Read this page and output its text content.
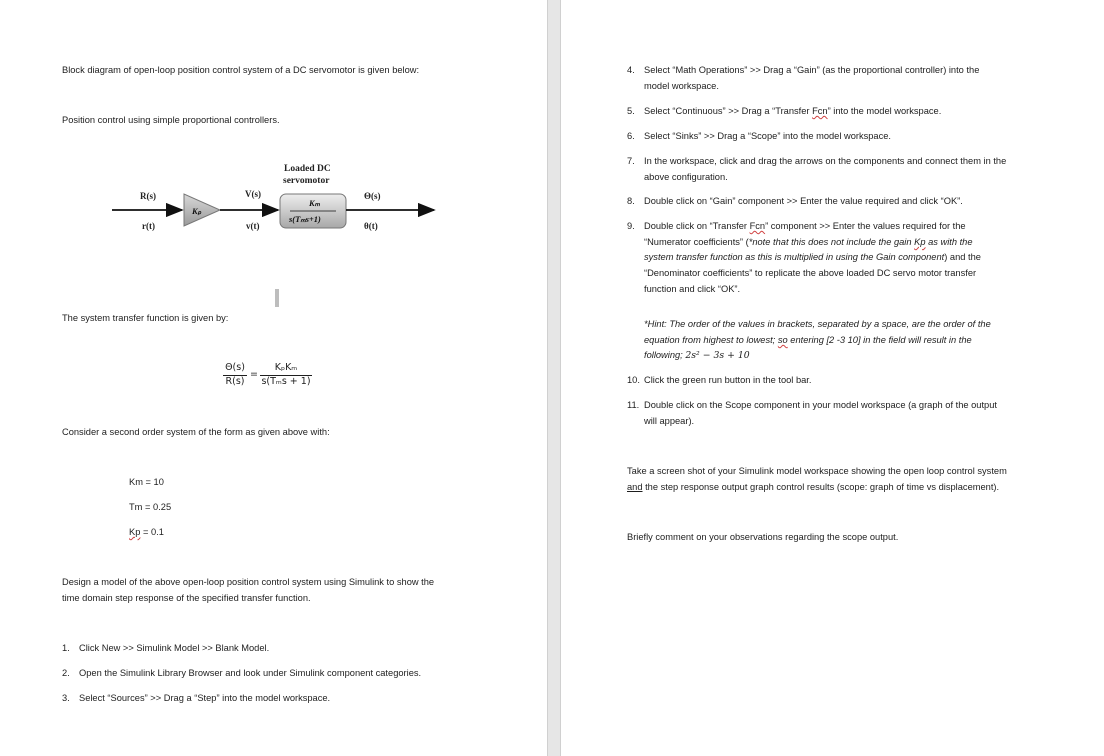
Block diagram of open-loop position control system of a DC servomotor is given below:
Position control using simple proportional controllers.
Loaded DC
servomotor
R(s)
r(t)
V(s)
v(t)
Θ(s)
θ(t)
Kₚ
Kₘ
s(Tₘs+1)
The system transfer function is given by:
Θ(s)
R(s)
=
KₚKₘ
s(Tₘs + 1)
Consider a second order system of the form as given above with:
Km = 10
Tm = 0.25
Kp = 0.1
Design a model of the above open-loop position control system using Simulink to show the
time domain step response of the specified transfer function.
1. Click New >> Simulink Model >> Blank Model.
2. Open the Simulink Library Browser and look under Simulink component categories.
3. Select “Sources” >> Drag a “Step” into the model workspace.
4. Select “Math Operations” >> Drag a “Gain” (as the proportional controller) into the
model workspace.
5. Select “Continuous” >> Drag a “Transfer Fcn” into the model workspace.
6. Select “Sinks” >> Drag a “Scope” into the model workspace.
7. In the workspace, click and drag the arrows on the components and connect them in the
above configuration.
8. Double click on “Gain” component >> Enter the value required and click “OK”.
9. Double click on “Transfer Fcn” component >> Enter the values required for the
“Numerator coefficients” (*note that this does not include the gain Kp as with the
system transfer function as this is multiplied in using the Gain component) and the
“Denominator coefficients” to replicate the above loaded DC servo motor transfer
function and click “OK”.
*Hint: The order of the values in brackets, separated by a space, are the order of the
equation from highest to lowest; so entering [2 -3 10] in the field will result in the
following; 2s² − 3s + 10
10. Click the green run button in the tool bar.
11. Double click on the Scope component in your model workspace (a graph of the output
will appear).
Take a screen shot of your Simulink model workspace showing the open loop control system
and the step response output graph control results (scope: graph of time vs displacement).
Briefly comment on your observations regarding the scope output.
